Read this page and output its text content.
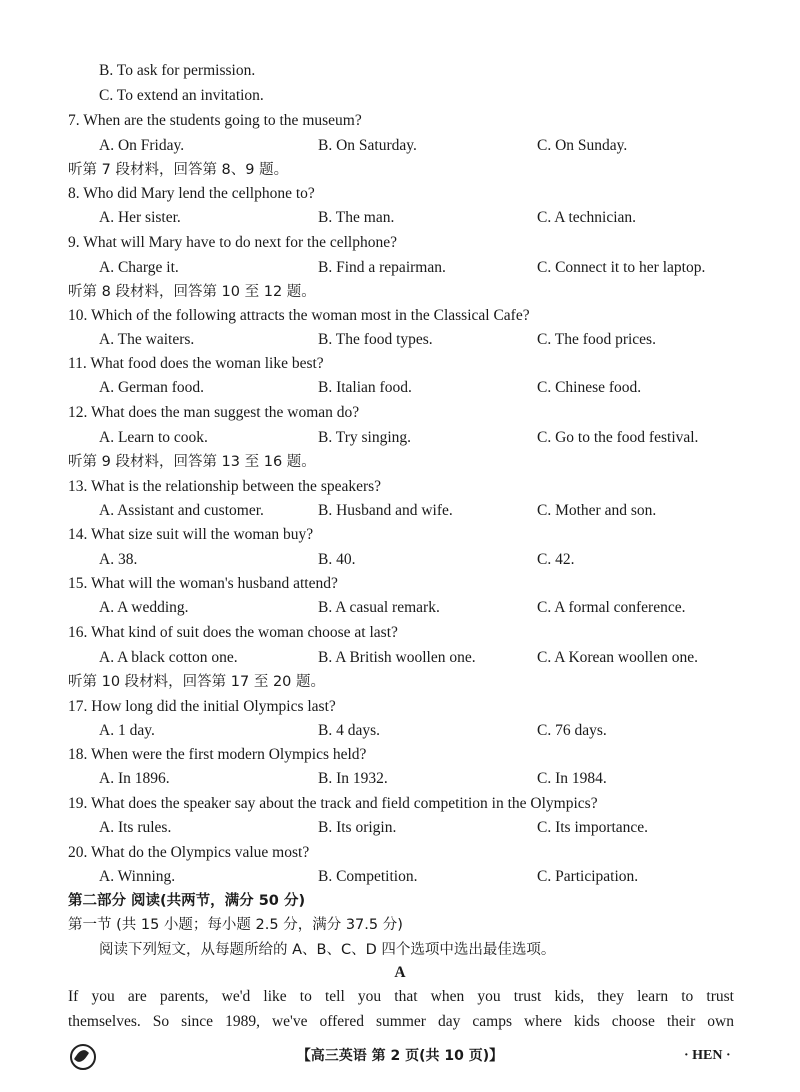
B. To ask for permission.
C. To extend an invitation.
7. When are the students going to the museum?
A. On Friday.	B. On Saturday.	C. On Sunday.
听第 7 段材料，回答第 8、9 题。
8. Who did Mary lend the cellphone to?
A. Her sister.	B. The man.	C. A technician.
9. What will Mary have to do next for the cellphone?
A. Charge it.	B. Find a repairman.	C. Connect it to her laptop.
听第 8 段材料，回答第 10 至 12 题。
10. Which of the following attracts the woman most in the Classical Cafe?
A. The waiters.	B. The food types.	C. The food prices.
11. What food does the woman like best?
A. German food.	B. Italian food.	C. Chinese food.
12. What does the man suggest the woman do?
A. Learn to cook.	B. Try singing.	C. Go to the food festival.
听第 9 段材料，回答第 13 至 16 题。
13. What is the relationship between the speakers?
A. Assistant and customer.	B. Husband and wife.	C. Mother and son.
14. What size suit will the woman buy?
A. 38.	B. 40.	C. 42.
15. What will the woman's husband attend?
A. A wedding.	B. A casual remark.	C. A formal conference.
16. What kind of suit does the woman choose at last?
A. A black cotton one.	B. A British woollen one.	C. A Korean woollen one.
听第 10 段材料，回答第 17 至 20 题。
17. How long did the initial Olympics last?
A. 1 day.	B. 4 days.	C. 76 days.
18. When were the first modern Olympics held?
A. In 1896.	B. In 1932.	C. In 1984.
19. What does the speaker say about the track and field competition in the Olympics?
A. Its rules.	B. Its origin.	C. Its importance.
20. What do the Olympics value most?
A. Winning.	B. Competition.	C. Participation.
第二部分 阅读(共两节，满分 50 分)
第一节 (共 15 小题；每小题 2.5 分，满分 37.5 分)
阅读下列短文，从每题所给的 A、B、C、D 四个选项中选出最佳选项。
A
If you are parents, we'd like to tell you that when you trust kids, they learn to trust
themselves. So since 1989, we've offered summer day camps where kids choose their own
【高三英语 第 2 页(共 10 页)】	· HEN ·
